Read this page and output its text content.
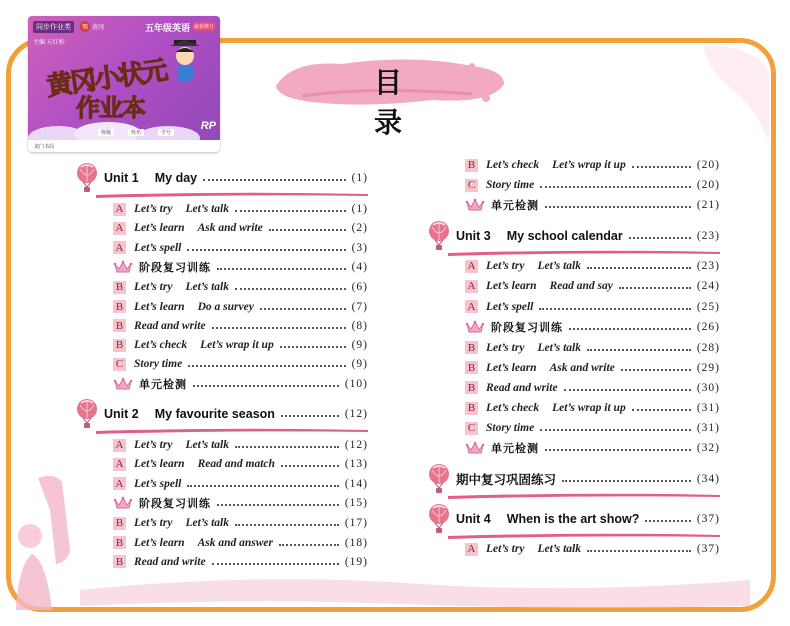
同步作业类	鄂 黄冈	五年级英语 最新修订
主编 方红柏
黄冈小状元
作业本
班级	姓名	学号
RP
龙门书局
目 录
Unit 1 My day	(1)
A Let’s try Let’s talk	(1)
A Let’s learn Ask and write	(2)
A Let’s spell	(3)
阶段复习训练	(4)
B Let’s try Let’s talk	(6)
B Let’s learn Do a survey	(7)
B Read and write	(8)
B Let’s check Let’s wrap it up	(9)
C Story time	(9)
单元检测	(10)
Unit 2 My favourite season	(12)
A Let’s try Let’s talk	(12)
A Let’s learn Read and match	(13)
A Let’s spell	(14)
阶段复习训练	(15)
B Let’s try Let’s talk	(17)
B Let’s learn Ask and answer	(18)
B Read and write	(19)
B Let’s check Let’s wrap it up	(20)
C Story time	(20)
单元检测	(21)
Unit 3 My school calendar	(23)
A Let’s try Let’s talk	(23)
A Let’s learn Read and say	(24)
A Let’s spell	(25)
阶段复习训练	(26)
B Let’s try Let’s talk	(28)
B Let’s learn Ask and write	(29)
B Read and write	(30)
B Let’s check Let’s wrap it up	(31)
C Story time	(31)
单元检测	(32)
期中复习巩固练习	(34)
Unit 4 When is the art show?	(37)
A Let’s try Let’s talk	(37)
